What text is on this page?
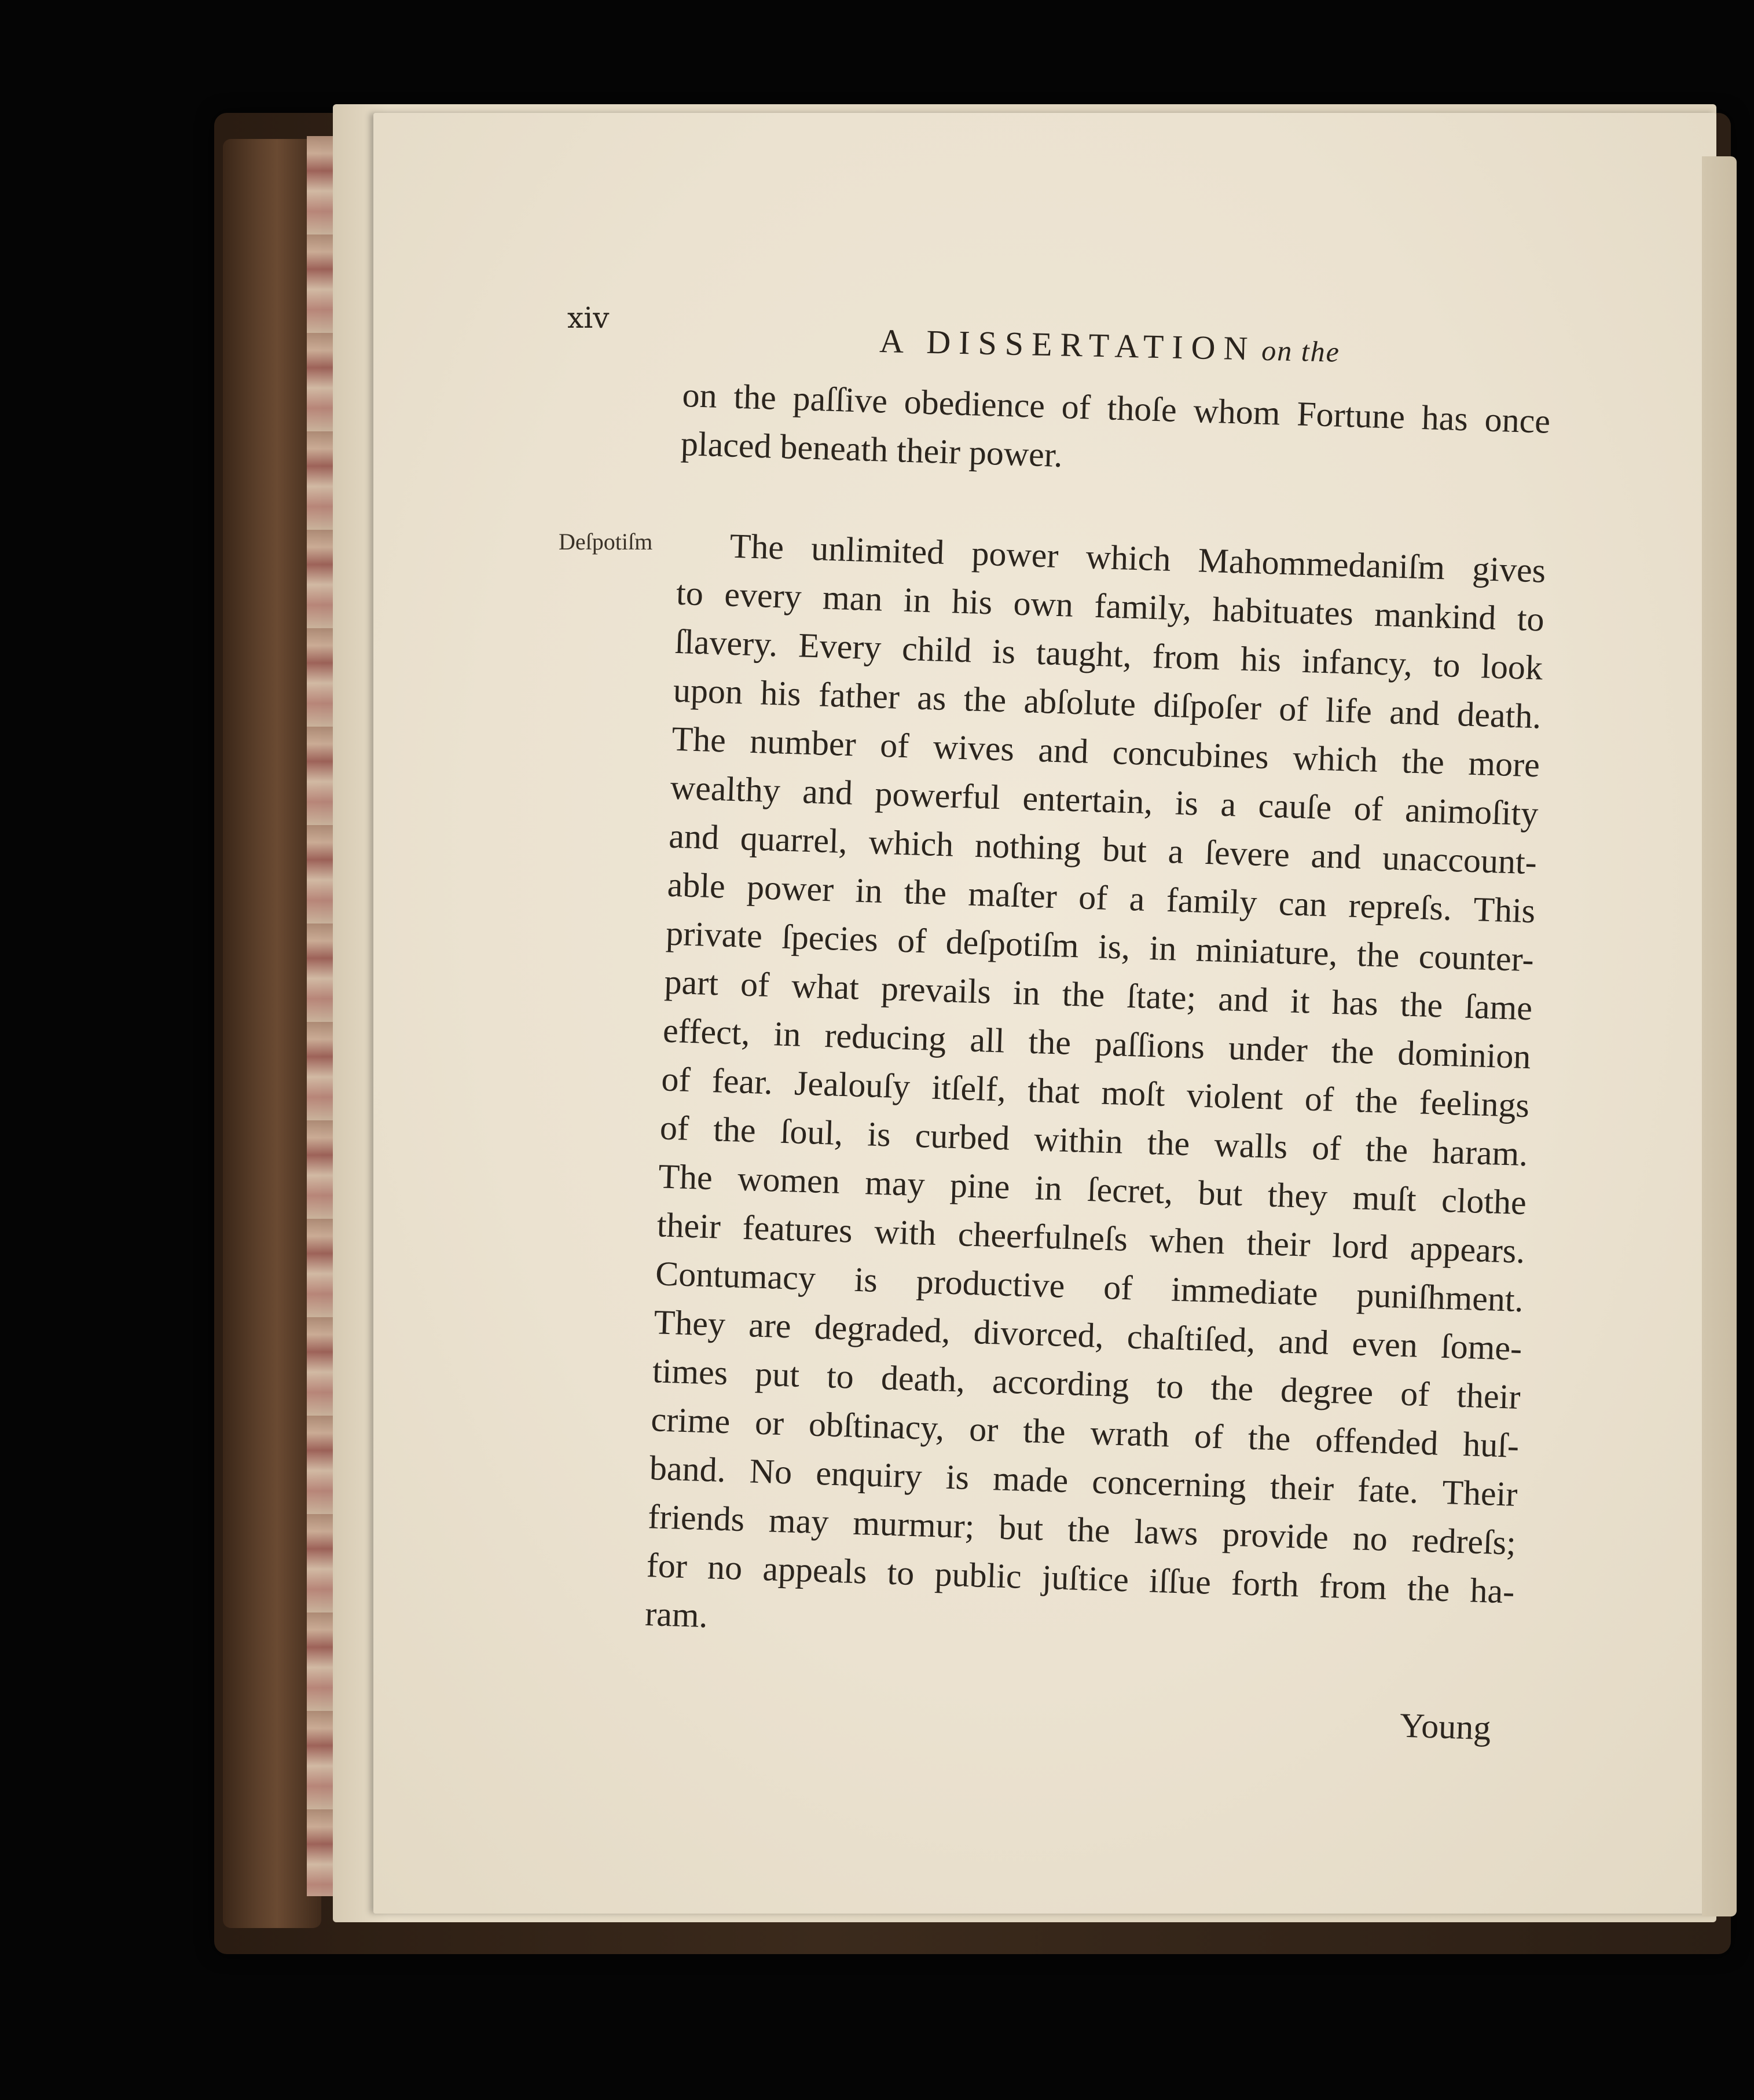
xiv
A DISSERTATION on the
Deſpotiſm
on the paſſive obedience of thoſe whom Fortune has once
placed beneath their power.
The unlimited power which Mahommedaniſm gives
to every man in his own family, habituates mankind to
ſlavery. Every child is taught, from his infancy, to look
upon his father as the abſolute diſpoſer of life and death.
The number of wives and concubines which the more
wealthy and powerful entertain, is a cauſe of animoſity
and quarrel, which nothing but a ſevere and unaccount-
able power in the maſter of a family can repreſs. This
private ſpecies of deſpotiſm is, in miniature, the counter-
part of what prevails in the ſtate; and it has the ſame
effect, in reducing all the paſſions under the dominion
of fear. Jealouſy itſelf, that moſt violent of the feelings
of the ſoul, is curbed within the walls of the haram.
The women may pine in ſecret, but they muſt clothe
their features with cheerfulneſs when their lord appears.
Contumacy is productive of immediate puniſhment.
They are degraded, divorced, chaſtiſed, and even ſome-
times put to death, according to the degree of their
crime or obſtinacy, or the wrath of the offended huſ-
band. No enquiry is made concerning their fate. Their
friends may murmur; but the laws provide no redreſs;
for no appeals to public juſtice iſſue forth from the ha-
ram.
Young
